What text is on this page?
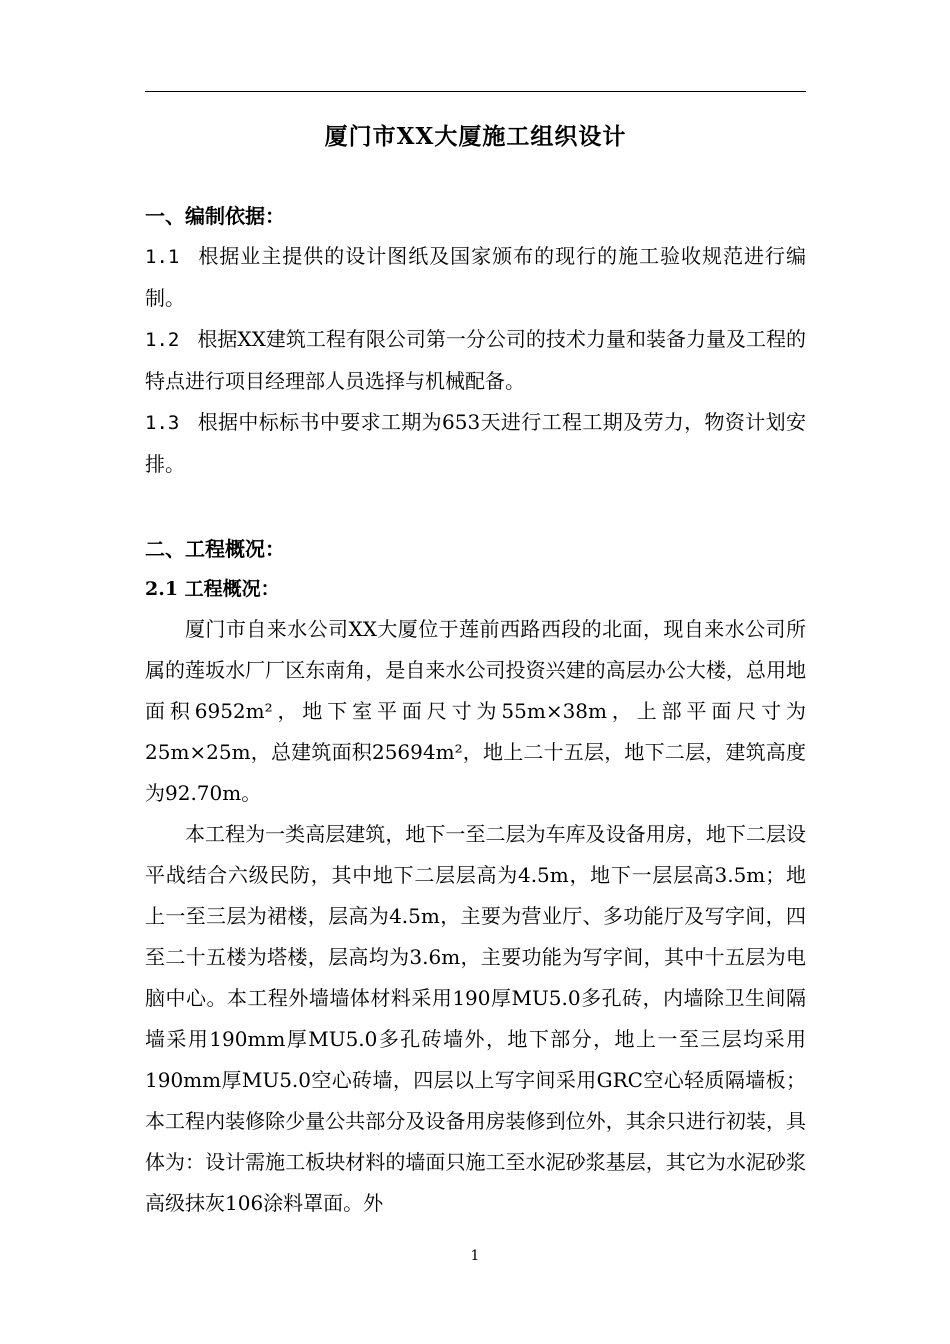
厦门市XX大厦施工组织设计
一、编制依据：
1.1 根据业主提供的设计图纸及国家颁布的现行的施工验收规范进行编制。
1.2 根据XX建筑工程有限公司第一分公司的技术力量和装备力量及工程的特点进行项目经理部人员选择与机械配备。
1.3 根据中标标书中要求工期为653天进行工程工期及劳力，物资计划安排。
二、工程概况：
2.1 工程概况：
厦门市自来水公司XX大厦位于莲前西路西段的北面，现自来水公司所属的莲坂水厂厂区东南角，是自来水公司投资兴建的高层办公大楼，总用地面积6952m²，地下室平面尺寸为55m×38m，上部平面尺寸为25m×25m，总建筑面积25694m²，地上二十五层，地下二层，建筑高度为92.70m。
本工程为一类高层建筑，地下一至二层为车库及设备用房，地下二层设平战结合六级民防，其中地下二层层高为4.5m，地下一层层高3.5m；地上一至三层为裙楼，层高为4.5m，主要为营业厅、多功能厅及写字间，四至二十五楼为塔楼，层高均为3.6m，主要功能为写字间，其中十五层为电脑中心。本工程外墙墙体材料采用190厚MU5.0多孔砖，内墙除卫生间隔墙采用190mm厚MU5.0多孔砖墙外，地下部分，地上一至三层均采用190mm厚MU5.0空心砖墙，四层以上写字间采用GRC空心轻质隔墙板；本工程内装修除少量公共部分及设备用房装修到位外，其余只进行初装，具体为：设计需施工板块材料的墙面只施工至水泥砂浆基层，其它为水泥砂浆高级抹灰106涂料罩面。外
1
